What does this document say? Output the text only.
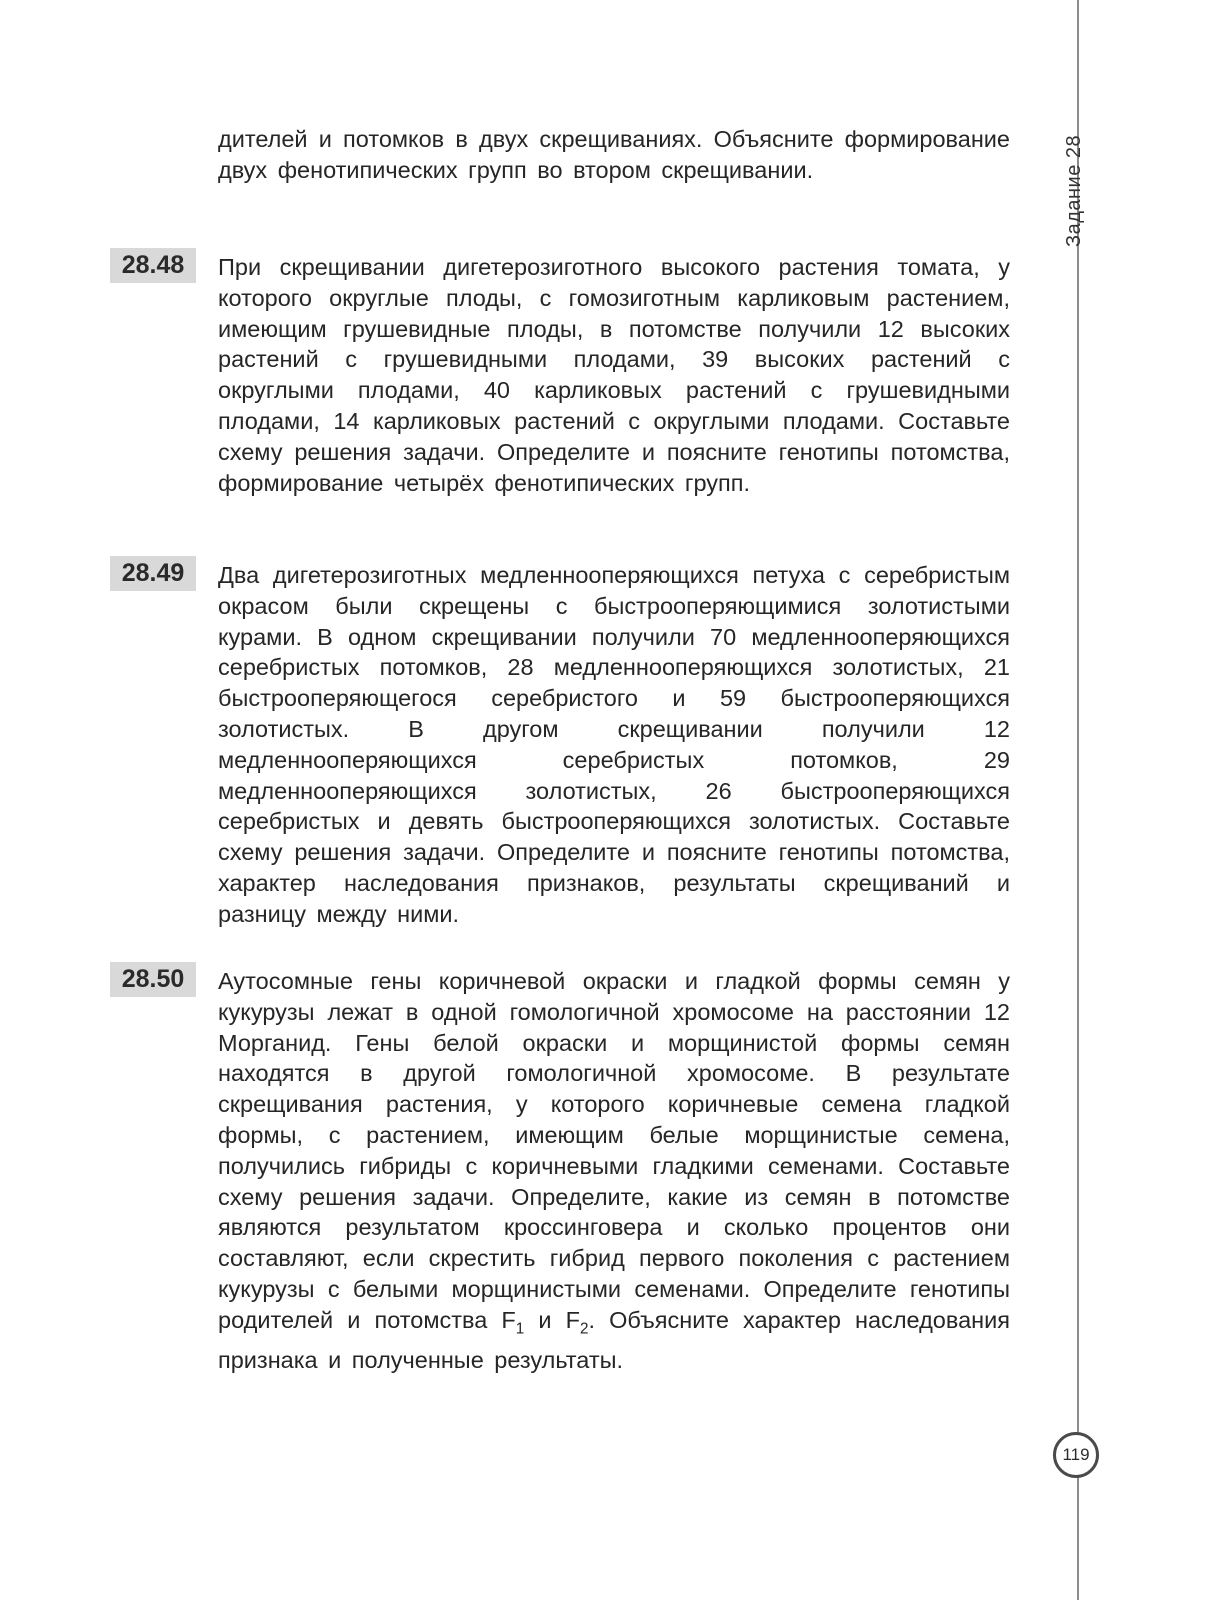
Задание 28
119
дителей и потомков в двух скрещиваниях. Объясните формирование двух фенотипических групп во втором скрещивании.
28.48	При скрещивании дигетерозиготного высокого растения томата, у которого округлые плоды, с гомозиготным карликовым растением, имеющим грушевидные плоды, в потомстве получили 12 высоких растений с грушевидными плодами, 39 высоких растений с округлыми плодами, 40 карликовых растений с грушевидными плодами, 14 карликовых растений с округлыми плодами. Составьте схему решения задачи. Определите и поясните генотипы потомства, формирование четырёх фенотипических групп.
28.49	Два дигетерозиготных медленнооперяющихся петуха с серебристым окрасом были скрещены с быстрооперяющимися золотистыми курами. В одном скрещивании получили 70 медленнооперяющихся серебристых потомков, 28 медленнооперяющихся золотистых, 21 быстрооперяющегося серебристого и 59 быстрооперяющихся золотистых. В другом скрещивании получили 12 медленнооперяющихся серебристых потомков, 29 медленнооперяющихся золотистых, 26 быстрооперяющихся серебристых и девять быстрооперяющихся золотистых. Составьте схему решения задачи. Определите и поясните генотипы потомства, характер наследования признаков, результаты скрещиваний и разницу между ними.
28.50	Аутосомные гены коричневой окраски и гладкой формы семян у кукурузы лежат в одной гомологичной хромосоме на расстоянии 12 Морганид. Гены белой окраски и морщинистой формы семян находятся в другой гомологичной хромосоме. В результате скрещивания растения, у которого коричневые семена гладкой формы, с растением, имеющим белые морщинистые семена, получились гибриды с коричневыми гладкими семенами. Составьте схему решения задачи. Определите, какие из семян в потомстве являются результатом кроссинговера и сколько процентов они составляют, если скрестить гибрид первого поколения с растением кукурузы с белыми морщинистыми семенами. Определите генотипы родителей и потомства $F_1$ и $F_2$. Объясните характер наследования признака и полученные результаты.
